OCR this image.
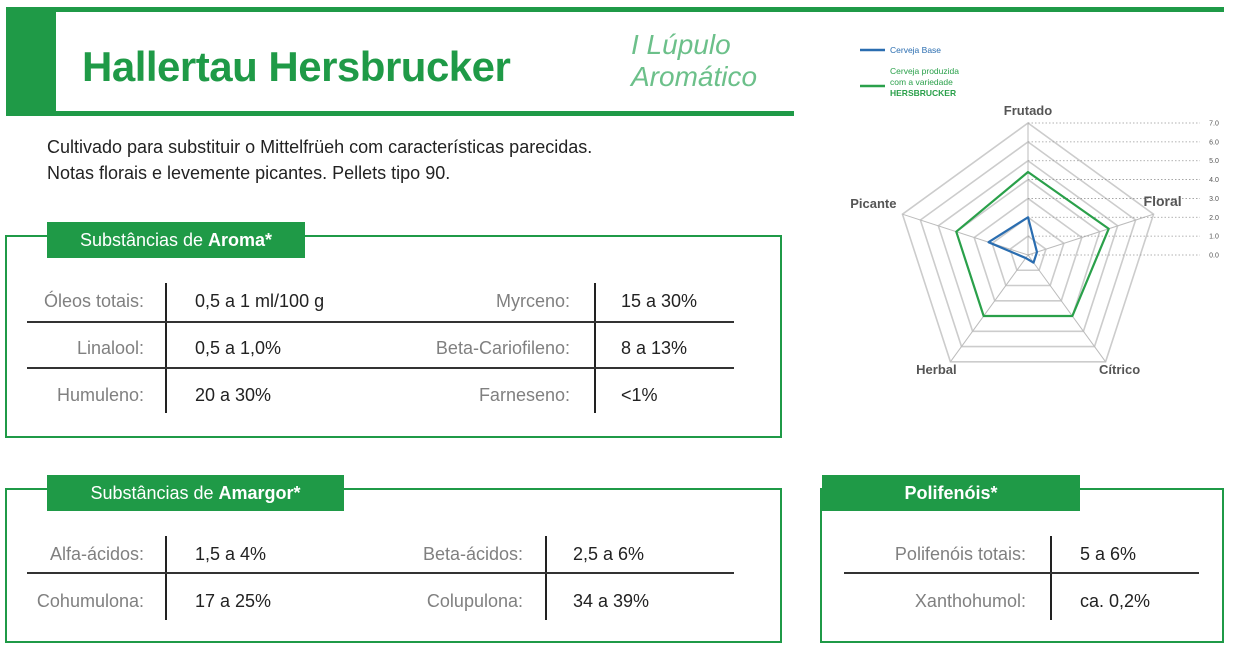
Hallertau Hersbrucker	I Lúpulo
Aromático
Cultivado para substituir o Mittelfrüeh com características parecidas.
Notas florais e levemente picantes. Pellets tipo 90.
Substâncias de Aroma*
Óleos totais:	0,5 a 1 ml/100 g	Myrceno:	15 a 30%
Linalool:	0,5 a 1,0%	Beta-Cariofileno:	8 a 13%
Humuleno:	20 a 30%	Farneseno:	<1%
Substâncias de Amargor*
Alfa-ácidos:	1,5 a 4%	Beta-ácidos:	2,5 a 6%
Cohumulona:	17 a 25%	Colupulona:	34 a 39%
Polifenóis*
Polifenóis totais:	5 a 6%
Xanthohumol:	ca. 0,2%
0.0
1.0
2.0
3.0
4.0
5.0
6.0
7.0
Frutado
Floral
Cítrico
Herbal
Picante
Cerveja Base
Cerveja produzida
com a variedade
HERSBRUCKER
